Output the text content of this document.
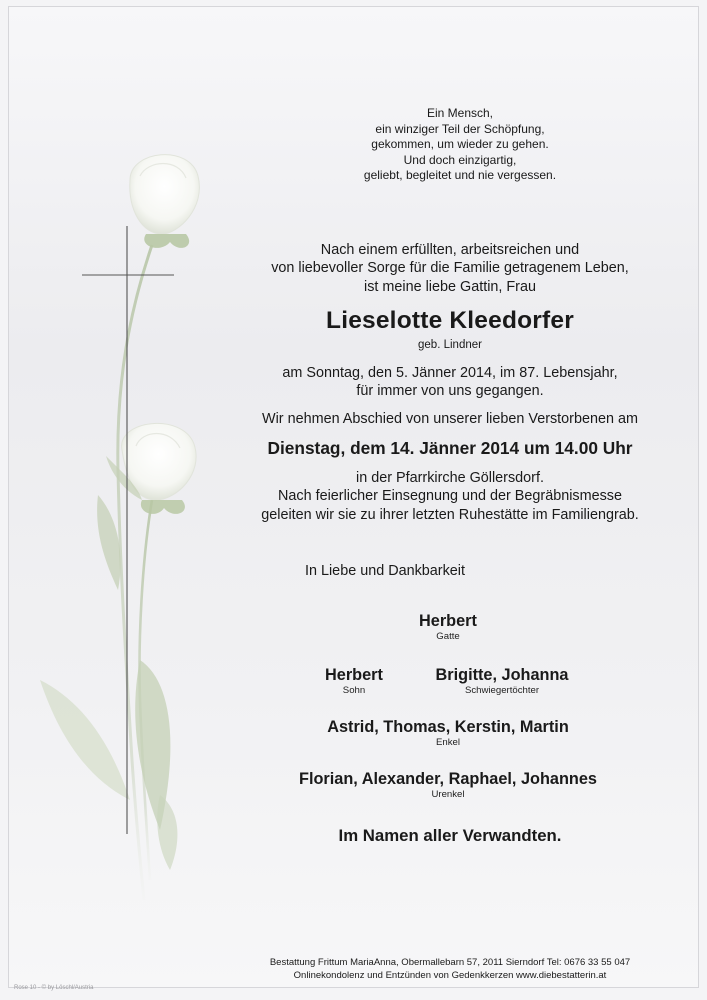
Ein Mensch,
ein winziger Teil der Schöpfung,
gekommen, um wieder zu gehen.
Und doch einzigartig,
geliebt, begleitet und nie vergessen.
Nach einem erfüllten, arbeitsreichen und
von liebevoller Sorge für die Familie getragenem Leben,
ist meine liebe Gattin, Frau
Lieselotte Kleedorfer
geb. Lindner
am Sonntag, den 5. Jänner 2014, im 87. Lebensjahr,
für immer von uns gegangen.
Wir nehmen Abschied von unserer lieben Verstorbenen am
Dienstag, dem 14. Jänner 2014 um 14.00 Uhr
in der Pfarrkirche Göllersdorf.
Nach feierlicher Einsegnung und der Begräbnismesse
geleiten wir sie zu ihrer letzten Ruhestätte im Familiengrab.
In Liebe und Dankbarkeit
Herbert
Gatte
Herbert
Sohn
Brigitte, Johanna
Schwiegertöchter
Astrid, Thomas, Kerstin, Martin
Enkel
Florian, Alexander, Raphael, Johannes
Urenkel
Im Namen aller Verwandten.
Bestattung Frittum MariaAnna, Obermallebarn 57, 2011 Sierndorf Tel: 0676 33 55 047
Onlinekondolenz und Entzünden von Gedenkkerzen www.diebestatterin.at
Rose 10 - © by Löschl/Austria
